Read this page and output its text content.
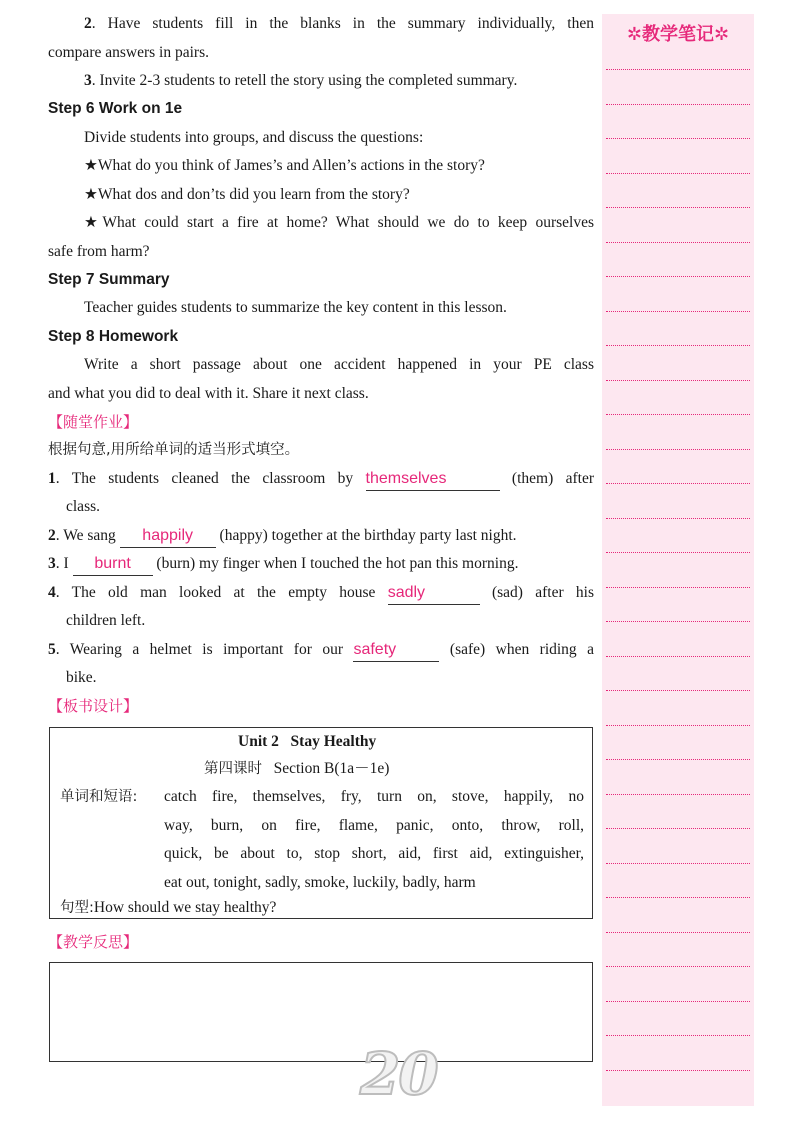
2. Have students fill in the blanks in the summary individually, then
compare answers in pairs.
3. Invite 2-3 students to retell the story using the completed summary.
Step 6 Work on 1e
Divide students into groups, and discuss the questions:
★What do you think of James’s and Allen’s actions in the story?
★What dos and don’ts did you learn from the story?
★What could start a fire at home? What should we do to keep ourselves
safe from harm?
Step 7 Summary
Teacher guides students to summarize the key content in this lesson.
Step 8 Homework
Write a short passage about one accident happened in your PE class
and what you did to deal with it. Share it next class.
【随堂作业】
根据句意,用所给单词的适当形式填空。
1. The students cleaned the classroom by themselves	(them) after
class.
2. We sang happily (happy) together at the birthday party last night.
3. I burnt (burn) my finger when I touched the hot pan this morning.
4. The old man looked at the empty house sadly	(sad) after his
children left.
5. Wearing a helmet is important for our safety	(safe) when riding a
bike.
【板书设计】
Unit 2 Stay Healthy
第四课时 Section B(1a－1e)
单词和短语: catch fire, themselves, fry, turn on, stove, happily, no
way, burn, on fire, flame, panic, onto, throw, roll,
quick, be about to, stop short, aid, first aid, extinguisher,
eat out, tonight, sadly, smoke, luckily, badly, harm
句型:How should we stay healthy?
【教学反思】
20
✲教学笔记✲
